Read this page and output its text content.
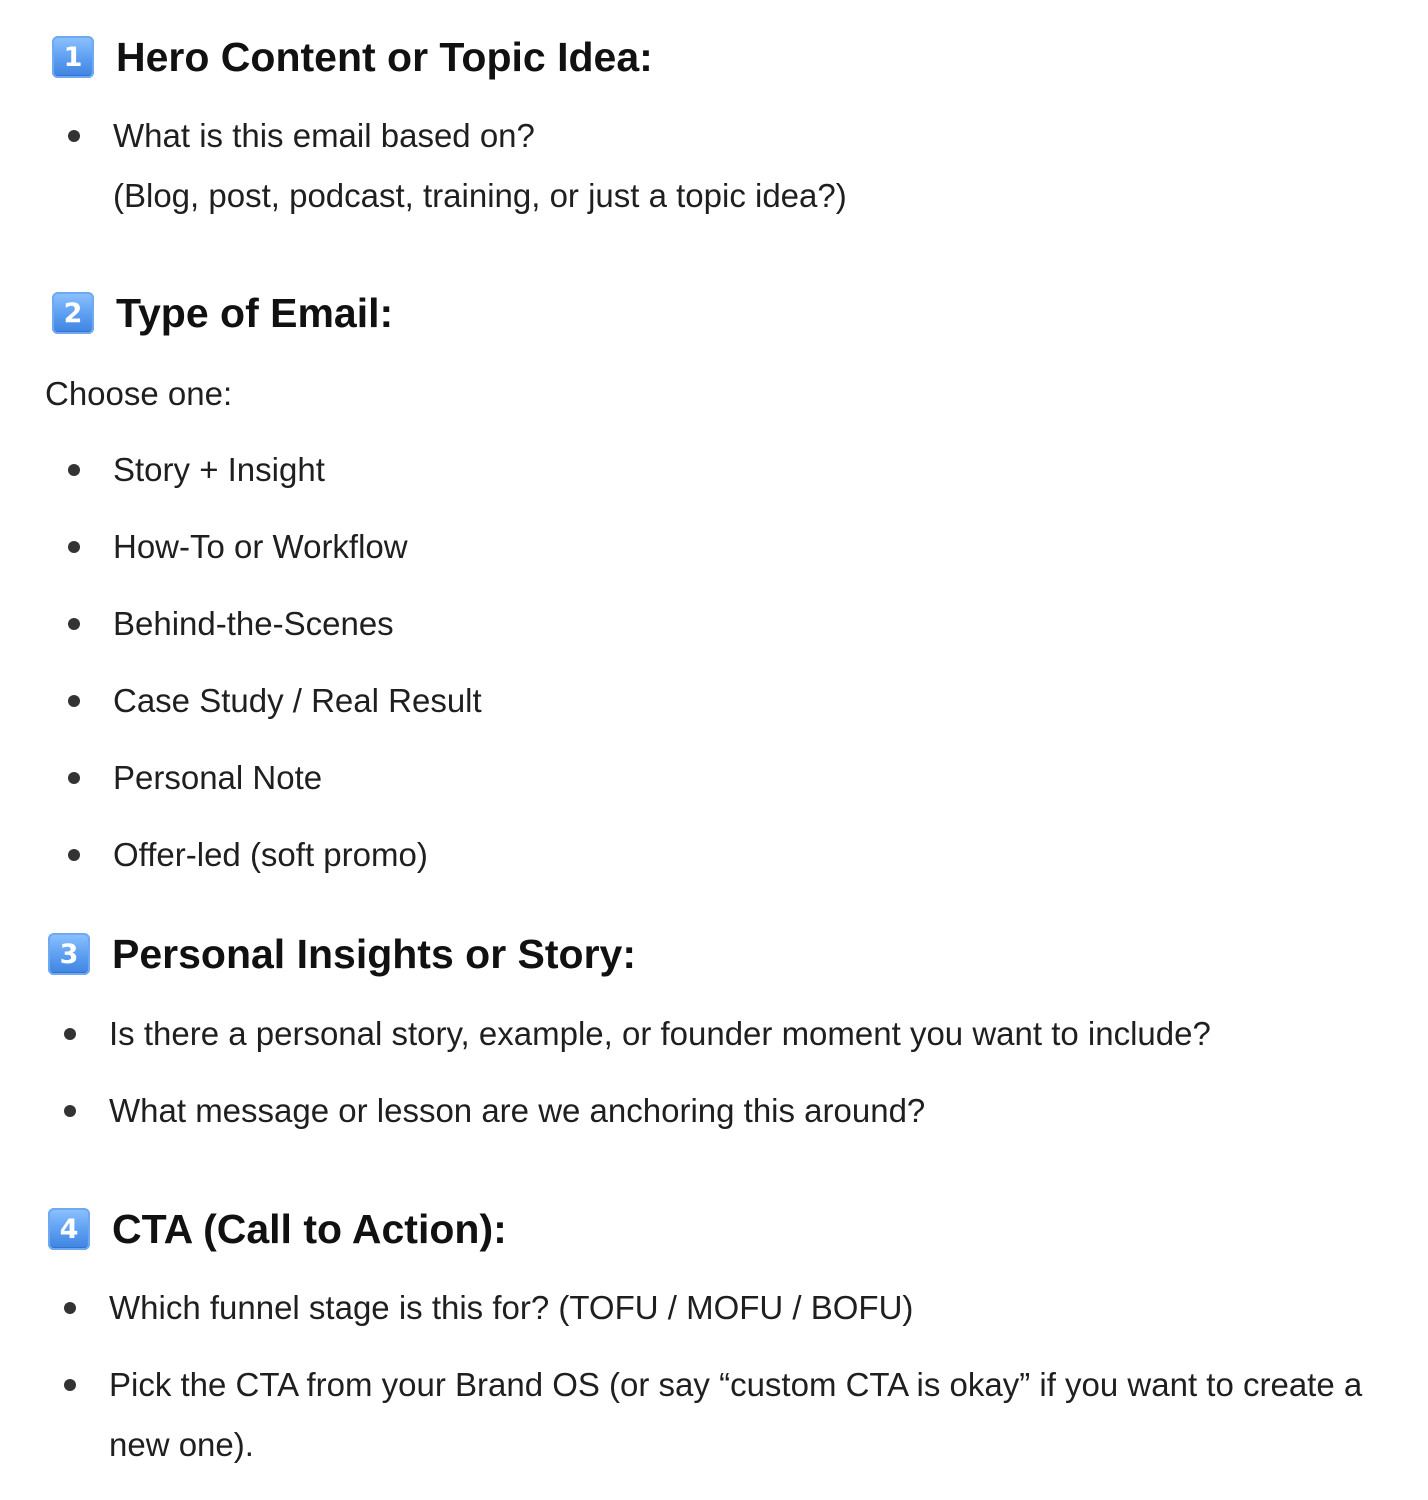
1 Hero Content or Topic Idea:
What is this email based on?
(Blog, post, podcast, training, or just a topic idea?)
2 Type of Email:

Choose one:

Story + Insight
How-To or Workflow
Behind-the-Scenes
Case Study / Real Result
Personal Note
Offer-led (soft promo)
3 Personal Insights or Story:
Is there a personal story, example, or founder moment you want to include?
What message or lesson are we anchoring this around?
4 CTA (Call to Action):
Which funnel stage is this for? (TOFU / MOFU / BOFU)
Pick the CTA from your Brand OS (or say “custom CTA is okay” if you want to create a
new one).
